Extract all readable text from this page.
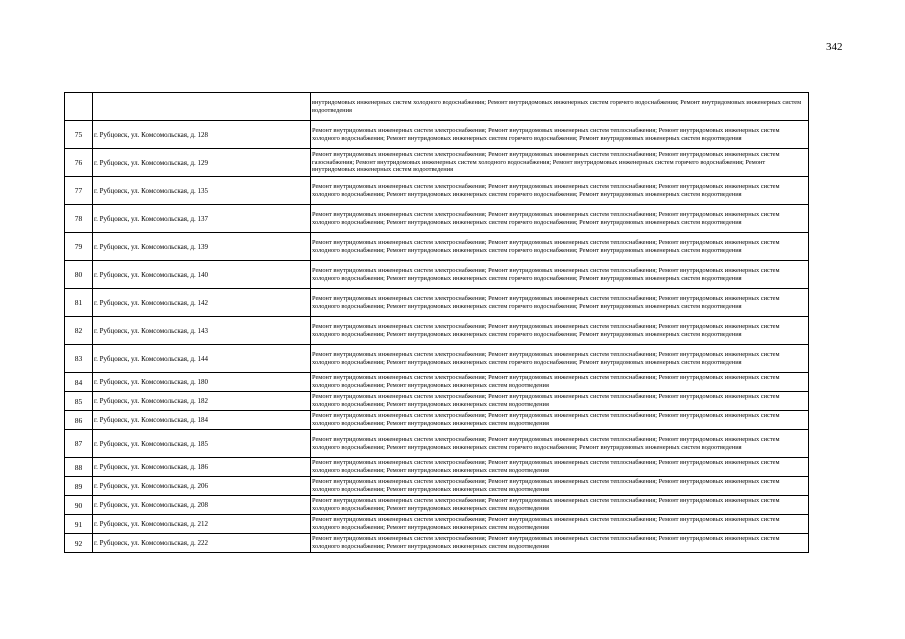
342
		внутридомовых инженерных систем холодного водоснабжения; Ремонт внутридомовых инженерных систем горячего водоснабжения; Ремонт внутридомовых инженерных систем водоотведения
75	г. Рубцовск, ул. Комсомольская, д. 128	Ремонт внутридомовых инженерных систем электроснабжения; Ремонт внутридомовых инженерных систем теплоснабжения; Ремонт внутридомовых инженерных систем холодного водоснабжения; Ремонт внутридомовых инженерных систем горячего водоснабжения; Ремонт внутридомовых инженерных систем водоотведения
76	г. Рубцовск, ул. Комсомольская, д. 129	Ремонт внутридомовых инженерных систем электроснабжения; Ремонт внутридомовых инженерных систем теплоснабжения; Ремонт внутридомовых инженерных систем газоснабжения; Ремонт внутридомовых инженерных систем холодного водоснабжения; Ремонт внутридомовых инженерных систем горячего водоснабжения; Ремонт внутридомовых инженерных систем водоотведения
77	г. Рубцовск, ул. Комсомольская, д. 135	Ремонт внутридомовых инженерных систем электроснабжения; Ремонт внутридомовых инженерных систем теплоснабжения; Ремонт внутридомовых инженерных систем холодного водоснабжения; Ремонт внутридомовых инженерных систем горячего водоснабжения; Ремонт внутридомовых инженерных систем водоотведения
78	г. Рубцовск, ул. Комсомольская, д. 137	Ремонт внутридомовых инженерных систем электроснабжения; Ремонт внутридомовых инженерных систем теплоснабжения; Ремонт внутридомовых инженерных систем холодного водоснабжения; Ремонт внутридомовых инженерных систем горячего водоснабжения; Ремонт внутридомовых инженерных систем водоотведения
79	г. Рубцовск, ул. Комсомольская, д. 139	Ремонт внутридомовых инженерных систем электроснабжения; Ремонт внутридомовых инженерных систем теплоснабжения; Ремонт внутридомовых инженерных систем холодного водоснабжения; Ремонт внутридомовых инженерных систем горячего водоснабжения; Ремонт внутридомовых инженерных систем водоотведения
80	г. Рубцовск, ул. Комсомольская, д. 140	Ремонт внутридомовых инженерных систем электроснабжения; Ремонт внутридомовых инженерных систем теплоснабжения; Ремонт внутридомовых инженерных систем холодного водоснабжения; Ремонт внутридомовых инженерных систем горячего водоснабжения; Ремонт внутридомовых инженерных систем водоотведения
81	г. Рубцовск, ул. Комсомольская, д. 142	Ремонт внутридомовых инженерных систем электроснабжения; Ремонт внутридомовых инженерных систем теплоснабжения; Ремонт внутридомовых инженерных систем холодного водоснабжения; Ремонт внутридомовых инженерных систем горячего водоснабжения; Ремонт внутридомовых инженерных систем водоотведения
82	г. Рубцовск, ул. Комсомольская, д. 143	Ремонт внутридомовых инженерных систем электроснабжения; Ремонт внутридомовых инженерных систем теплоснабжения; Ремонт внутридомовых инженерных систем холодного водоснабжения; Ремонт внутридомовых инженерных систем горячего водоснабжения; Ремонт внутридомовых инженерных систем водоотведения
83	г. Рубцовск, ул. Комсомольская, д. 144	Ремонт внутридомовых инженерных систем электроснабжения; Ремонт внутридомовых инженерных систем теплоснабжения; Ремонт внутридомовых инженерных систем холодного водоснабжения; Ремонт внутридомовых инженерных систем горячего водоснабжения; Ремонт внутридомовых инженерных систем водоотведения
84	г. Рубцовск, ул. Комсомольская, д. 180	Ремонт внутридомовых инженерных систем электроснабжения; Ремонт внутридомовых инженерных систем теплоснабжения; Ремонт внутридомовых инженерных систем холодного водоснабжения; Ремонт внутридомовых инженерных систем водоотведения
85	г. Рубцовск, ул. Комсомольская, д. 182	Ремонт внутридомовых инженерных систем электроснабжения; Ремонт внутридомовых инженерных систем теплоснабжения; Ремонт внутридомовых инженерных систем холодного водоснабжения; Ремонт внутридомовых инженерных систем водоотведения
86	г. Рубцовск, ул. Комсомольская, д. 184	Ремонт внутридомовых инженерных систем электроснабжения; Ремонт внутридомовых инженерных систем теплоснабжения; Ремонт внутридомовых инженерных систем холодного водоснабжения; Ремонт внутридомовых инженерных систем водоотведения
87	г. Рубцовск, ул. Комсомольская, д. 185	Ремонт внутридомовых инженерных систем электроснабжения; Ремонт внутридомовых инженерных систем теплоснабжения; Ремонт внутридомовых инженерных систем холодного водоснабжения; Ремонт внутридомовых инженерных систем горячего водоснабжения; Ремонт внутридомовых инженерных систем водоотведения
88	г. Рубцовск, ул. Комсомольская, д. 186	Ремонт внутридомовых инженерных систем электроснабжения; Ремонт внутридомовых инженерных систем теплоснабжения; Ремонт внутридомовых инженерных систем холодного водоснабжения; Ремонт внутридомовых инженерных систем водоотведения
89	г. Рубцовск, ул. Комсомольская, д. 206	Ремонт внутридомовых инженерных систем электроснабжения; Ремонт внутридомовых инженерных систем теплоснабжения; Ремонт внутридомовых инженерных систем холодного водоснабжения; Ремонт внутридомовых инженерных систем водоотведения
90	г. Рубцовск, ул. Комсомольская, д. 208	Ремонт внутридомовых инженерных систем электроснабжения; Ремонт внутридомовых инженерных систем теплоснабжения; Ремонт внутридомовых инженерных систем холодного водоснабжения; Ремонт внутридомовых инженерных систем водоотведения
91	г. Рубцовск, ул. Комсомольская, д. 212	Ремонт внутридомовых инженерных систем электроснабжения; Ремонт внутридомовых инженерных систем теплоснабжения; Ремонт внутридомовых инженерных систем холодного водоснабжения; Ремонт внутридомовых инженерных систем водоотведения
92	г. Рубцовск, ул. Комсомольская, д. 222	Ремонт внутридомовых инженерных систем электроснабжения; Ремонт внутридомовых инженерных систем теплоснабжения; Ремонт внутридомовых инженерных систем холодного водоснабжения; Ремонт внутридомовых инженерных систем водоотведения
